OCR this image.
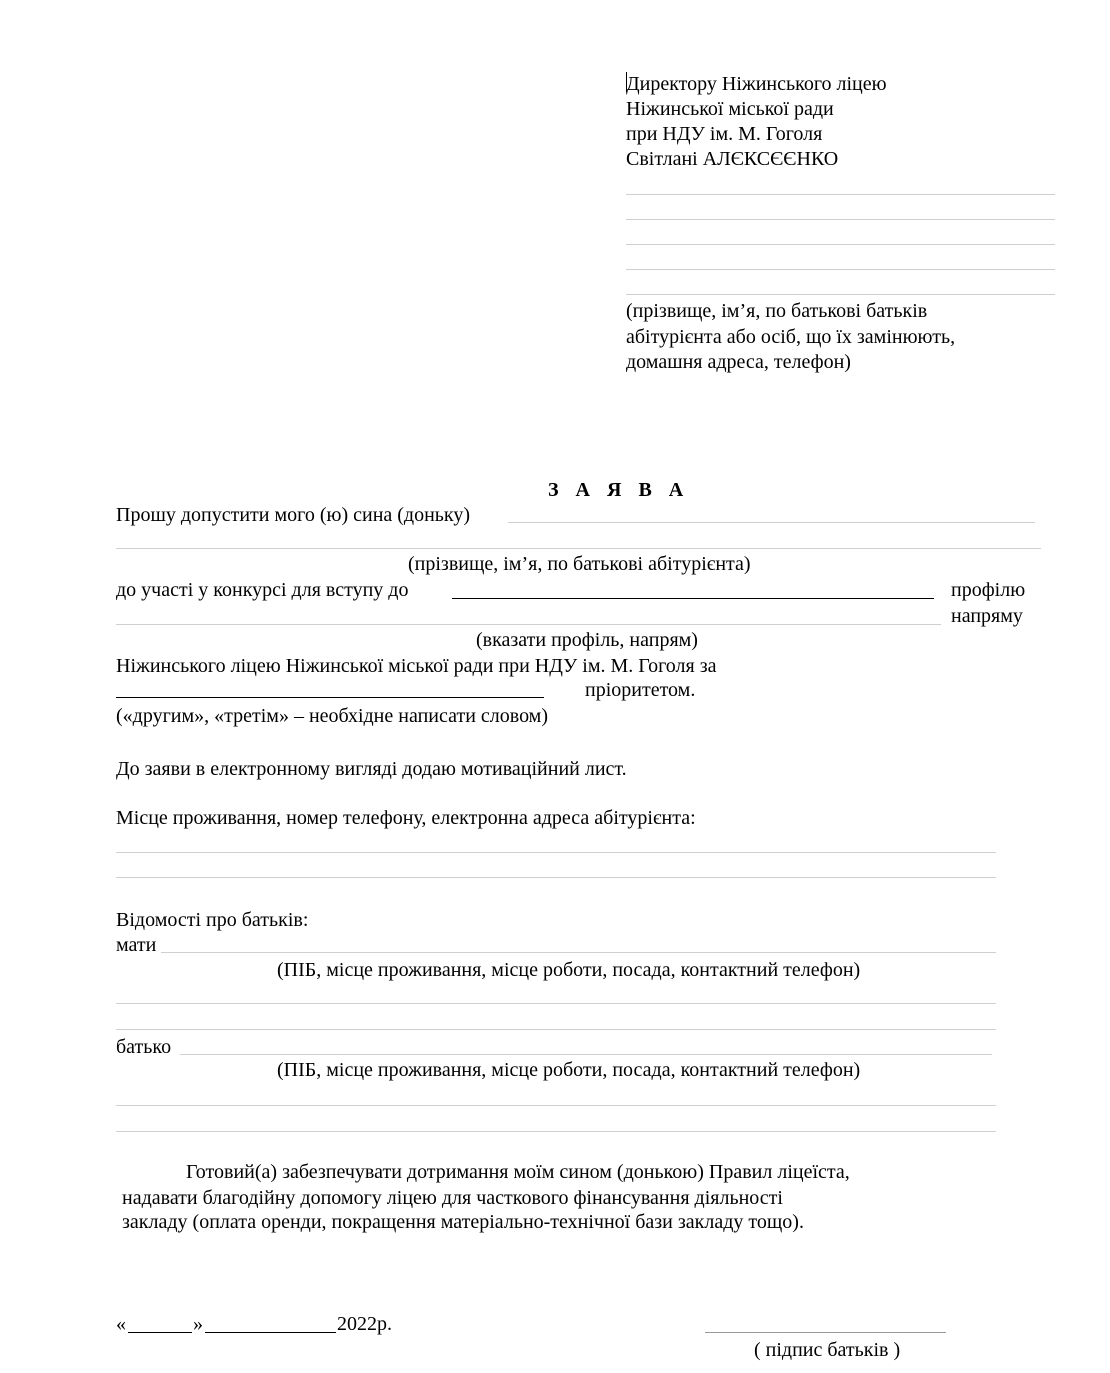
Директору Ніжинського ліцею
Ніжинської міської ради
при НДУ ім. М. Гоголя
Світлані АЛЄКСЄЄНКО
(прізвище, ім’я, по батькові батьків
абітурієнта або осіб, що їх замінюють,
домашня адреса, телефон)
З А Я В А
Прошу допустити мого (ю) сина (доньку)
(прізвище, ім’я, по батькові абітурієнта)
до участі у конкурсі для вступу до	профілю
напряму
(вказати профіль, напрям)
Ніжинського ліцею Ніжинської міської ради при НДУ ім. М. Гоголя за
пріоритетом.
(«другим», «третім» – необхідне написати словом)
До заяви в електронному вигляді додаю мотиваційний лист.
Місце проживання, номер телефону, електронна адреса абітурієнта:
Відомості про батьків:
мати
(ПІБ, місце проживання, місце роботи, посада, контактний телефон)
батько
(ПІБ, місце проживання, місце роботи, посада, контактний телефон)
Готовий(а) забезпечувати дотримання моїм сином (донькою) Правил ліцеїста,
надавати благодійну допомогу ліцею для часткового фінансування діяльності
закладу (оплата оренди, покращення матеріально-технічної бази закладу тощо).
«	»	2022р.
( підпис батьків )
